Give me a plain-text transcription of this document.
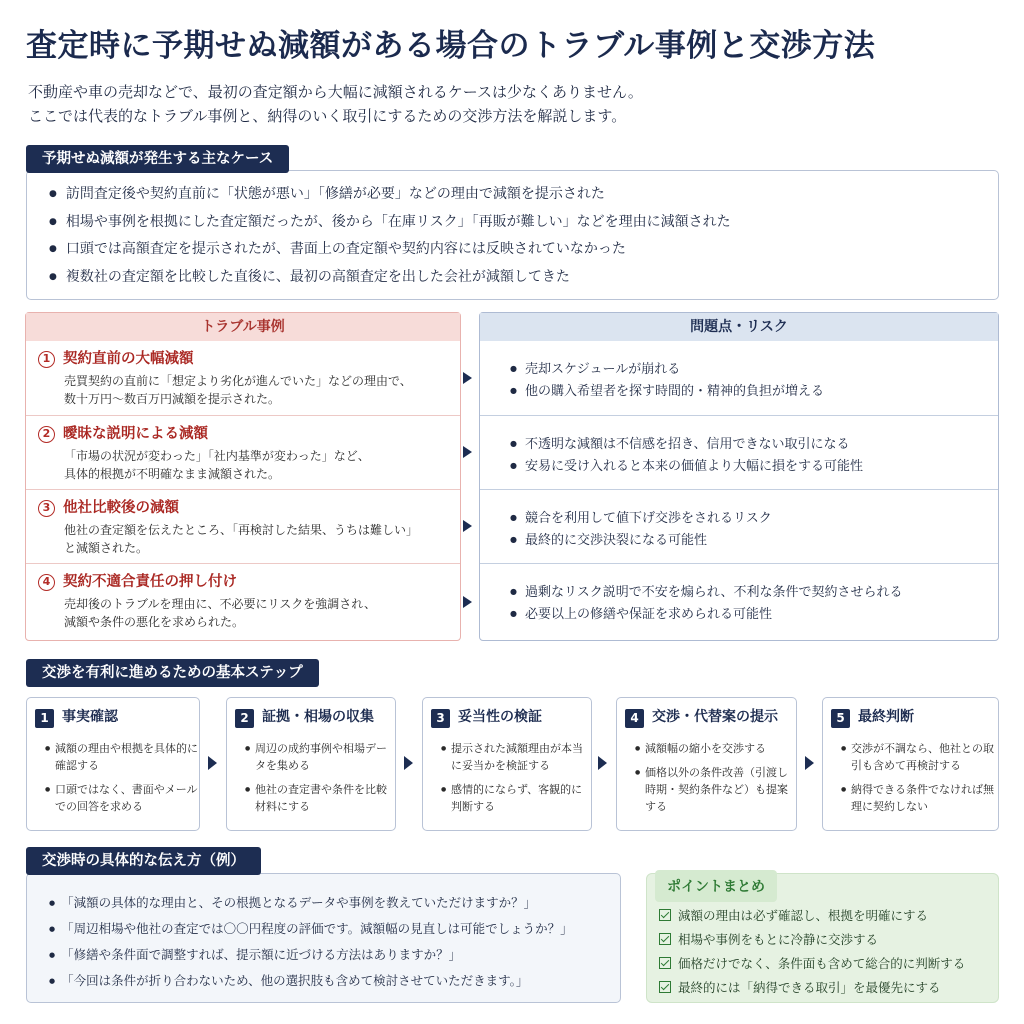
査定時に予期せぬ減額がある場合のトラブル事例と交渉方法

不動産や車の売却などで、最初の査定額から大幅に減額されるケースは少なくありません。

ここでは代表的なトラブル事例と、納得のいく取引にするための交渉方法を解説します。

予期せぬ減額が発生する主なケース
● 訪問査定後や契約直前に「状態が悪い」「修繕が必要」などの理由で減額を提示された
● 相場や事例を根拠にした査定額だったが、後から「在庫リスク」「再販が難しい」などを理由に減額された
● 口頭では高額査定を提示されたが、書面上の査定額や契約内容には反映されていなかった
● 複数社の査定額を比較した直後に、最初の高額査定を出した会社が減額してきた
トラブル事例
1 契約直前の大幅減額
売買契約の直前に「想定より劣化が進んでいた」などの理由で、
数十万円〜数百万円減額を提示された。
2 曖昧な説明による減額
「市場の状況が変わった」「社内基準が変わった」など、
具体的根拠が不明確なまま減額された。
3 他社比較後の減額
他社の査定額を伝えたところ、「再検討した結果、うちは難しい」
と減額された。
4 契約不適合責任の押し付け
売却後のトラブルを理由に、不必要にリスクを強調され、
減額や条件の悪化を求められた。
問題点・リスク
● 売却スケジュールが崩れる
● 他の購入希望者を探す時間的・精神的負担が増える
● 不透明な減額は不信感を招き、信用できない取引になる
● 安易に受け入れると本来の価値より大幅に損をする可能性
● 競合を利用して値下げ交渉をされるリスク
● 最終的に交渉決裂になる可能性
● 過剰なリスク説明で不安を煽られ、不利な条件で契約させられる
● 必要以上の修繕や保証を求められる可能性
交渉を有利に進めるための基本ステップ
1 事実確認
● 減額の理由や根拠を具体的に確認する
● 口頭ではなく、書面やメールでの回答を求める
2 証拠・相場の収集
● 周辺の成約事例や相場データを集める
● 他社の査定書や条件を比較材料にする
3 妥当性の検証
● 提示された減額理由が本当に妥当かを検証する
● 感情的にならず、客観的に判断する
4 交渉・代替案の提示
● 減額幅の縮小を交渉する
● 価格以外の条件改善（引渡し時期・契約条件など）も提案する
5 最終判断
● 交渉が不調なら、他社との取引も含めて再検討する
● 納得できる条件でなければ無理に契約しない
交渉時の具体的な伝え方（例）
● 「減額の具体的な理由と、その根拠となるデータや事例を教えていただけますか？」
● 「周辺相場や他社の査定では〇〇円程度の評価です。減額幅の見直しは可能でしょうか？」
● 「修繕や条件面で調整すれば、提示額に近づける方法はありますか？」
● 「今回は条件が折り合わないため、他の選択肢も含めて検討させていただきます。」
ポイントまとめ
減額の理由は必ず確認し、根拠を明確にする
相場や事例をもとに冷静に交渉する
価格だけでなく、条件面も含めて総合的に判断する
最終的には「納得できる取引」を最優先にする
